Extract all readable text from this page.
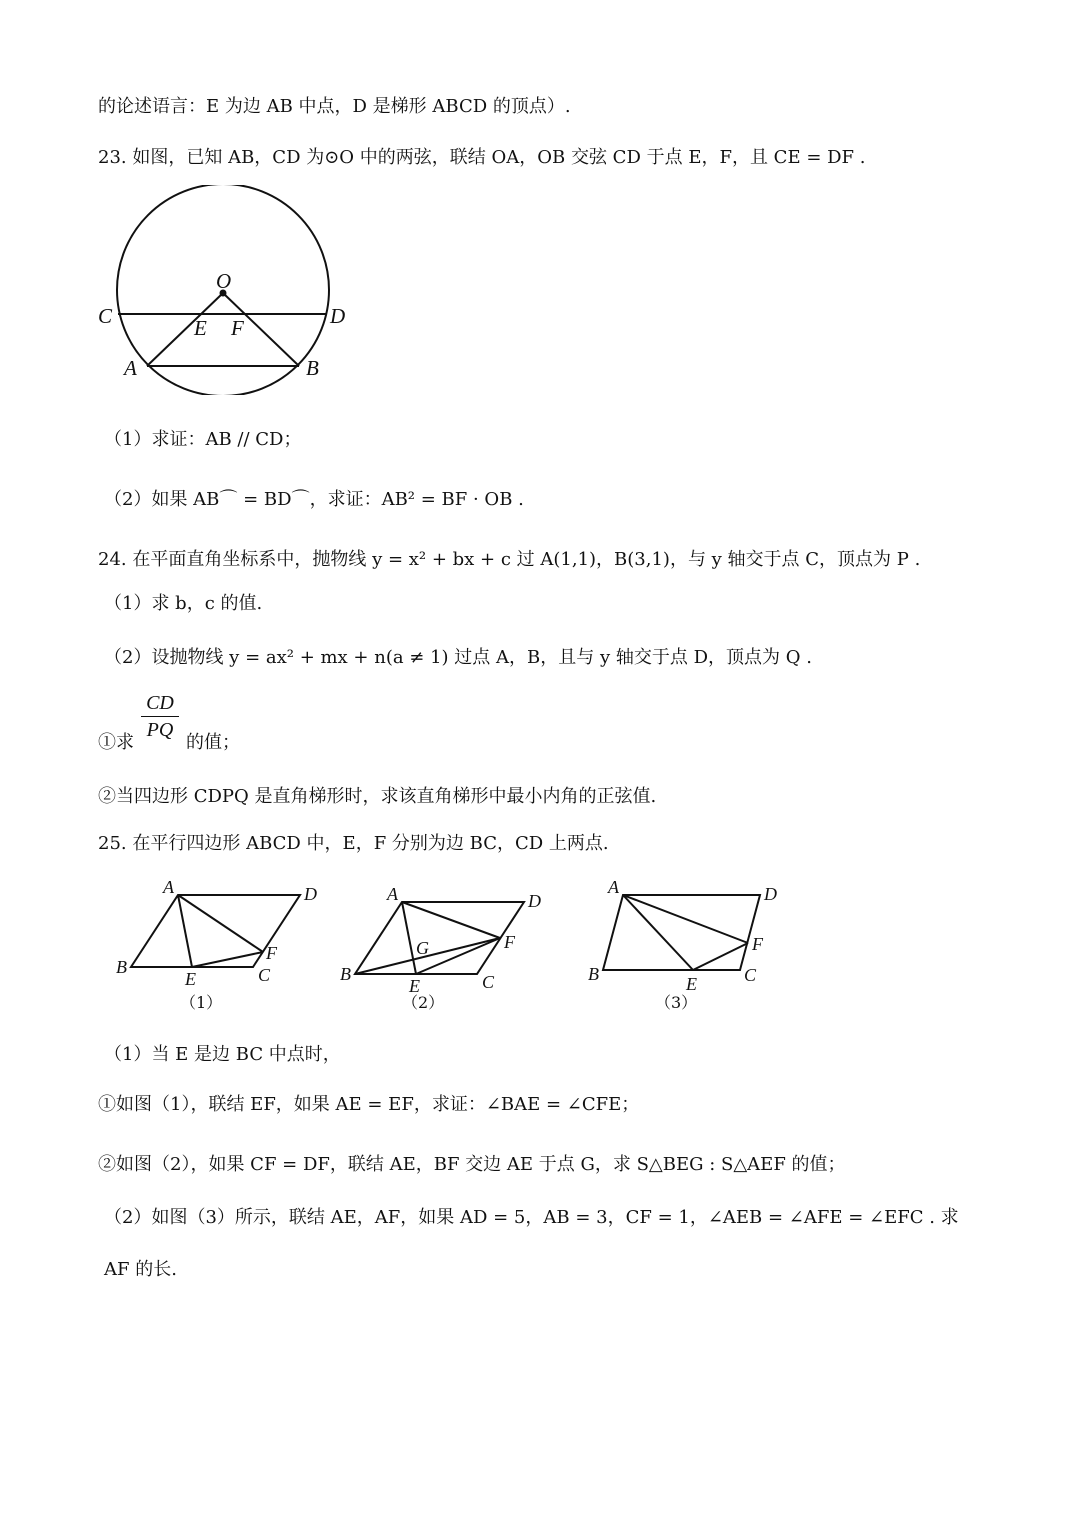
的论述语言：E 为边 AB 中点，D 是梯形 ABCD 的顶点）.
23. 如图，已知 AB，CD 为⊙O 中的两弦，联结 OA，OB 交弦 CD 于点 E，F，且 CE = DF .
O
C	D
E F
A	B
（1）求证：AB // CD；
（2）如果 AB⌒ = BD⌒，求证：AB² = BF · OB .
24. 在平面直角坐标系中，抛物线 y = x² + bx + c 过 A(1,1)，B(3,1)，与 y 轴交于点 C，顶点为 P .
（1）求 b，c 的值.
（2）设抛物线 y = ax² + mx + n(a ≠ 1) 过点 A，B，且与 y 轴交于点 D，顶点为 Q .
①求	的值；
$\frac{CD}{PQ}$
②当四边形 CDPQ 是直角梯形时，求该直角梯形中最小内角的正弦值.
25. 在平行四边形 ABCD 中，E，F 分别为边 BC，CD 上两点.
A	D
B
E	C
F
（1）
A	D
G	F
B
E	C
（2）
A	D
F
B	E	C
（3）
（1）当 E 是边 BC 中点时，
①如图（1），联结 EF，如果 AE = EF，求证：∠BAE = ∠CFE；
②如图（2），如果 CF = DF，联结 AE，BF 交边 AE 于点 G，求 S△BEG : S△AEF 的值；
（2）如图（3）所示，联结 AE，AF，如果 AD = 5，AB = 3，CF = 1，∠AEB = ∠AFE = ∠EFC . 求
AF 的长.
